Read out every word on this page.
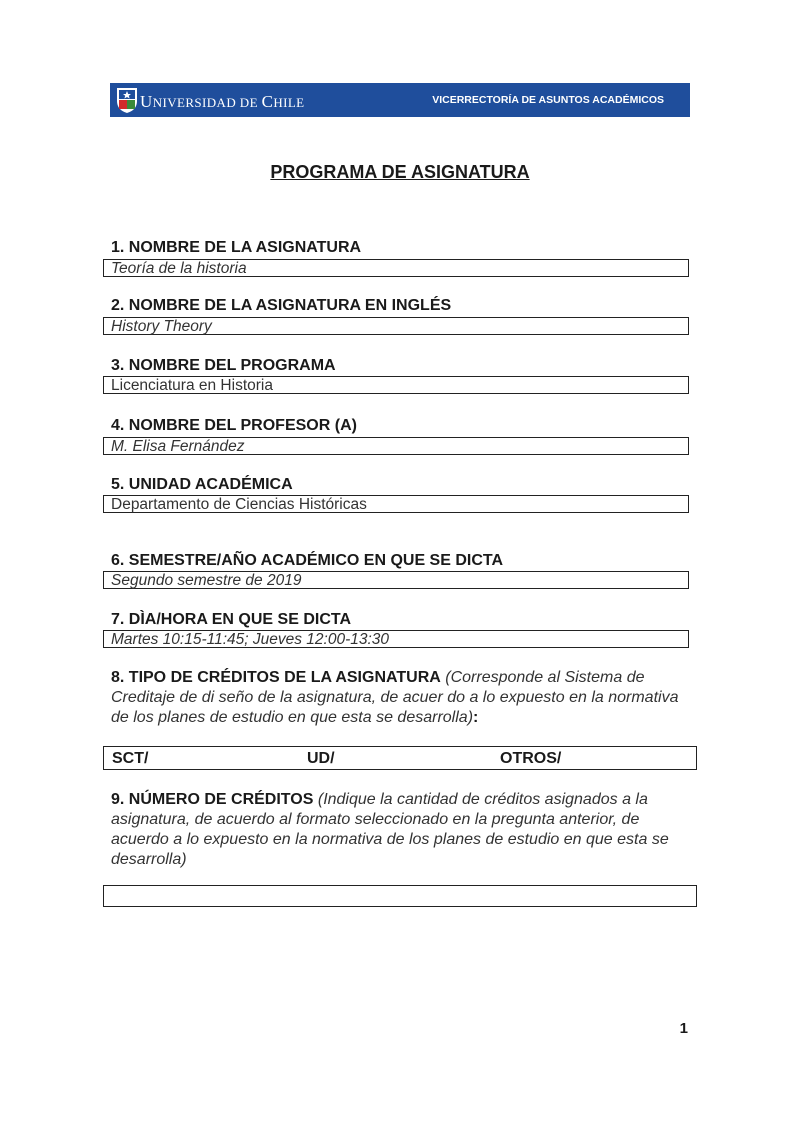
UNIVERSIDAD DE CHILE	VICERRECTORÍA DE ASUNTOS ACADÉMICOS
PROGRAMA DE ASIGNATURA
1. NOMBRE DE LA ASIGNATURA
Teoría de la historia
2. NOMBRE DE LA ASIGNATURA EN INGLÉS
History Theory
3. NOMBRE DEL PROGRAMA
Licenciatura en Historia
4. NOMBRE DEL PROFESOR (A)
M. Elisa Fernández
5. UNIDAD ACADÉMICA
Departamento de Ciencias Históricas
6. SEMESTRE/AÑO ACADÉMICO EN QUE SE DICTA
Segundo semestre de 2019
7. DÌA/HORA EN QUE SE DICTA
Martes 10:15-11:45; Jueves 12:00-13:30
8. TIPO DE CRÉDITOS DE LA ASIGNATURA (Corresponde al Sistema de Creditaje de di seño de la asignatura, de acuer do a lo expuesto en la normativa de los planes de estudio en que esta se desarrolla):
SCT/	UD/	OTROS/
9. NÚMERO DE CRÉDITOS (Indique la cantidad de créditos asignados a la asignatura, de acuerdo al formato seleccionado en la pregunta anterior, de acuerdo a lo expuesto en la normativa de los planes de estudio en que esta se desarrolla)
1
